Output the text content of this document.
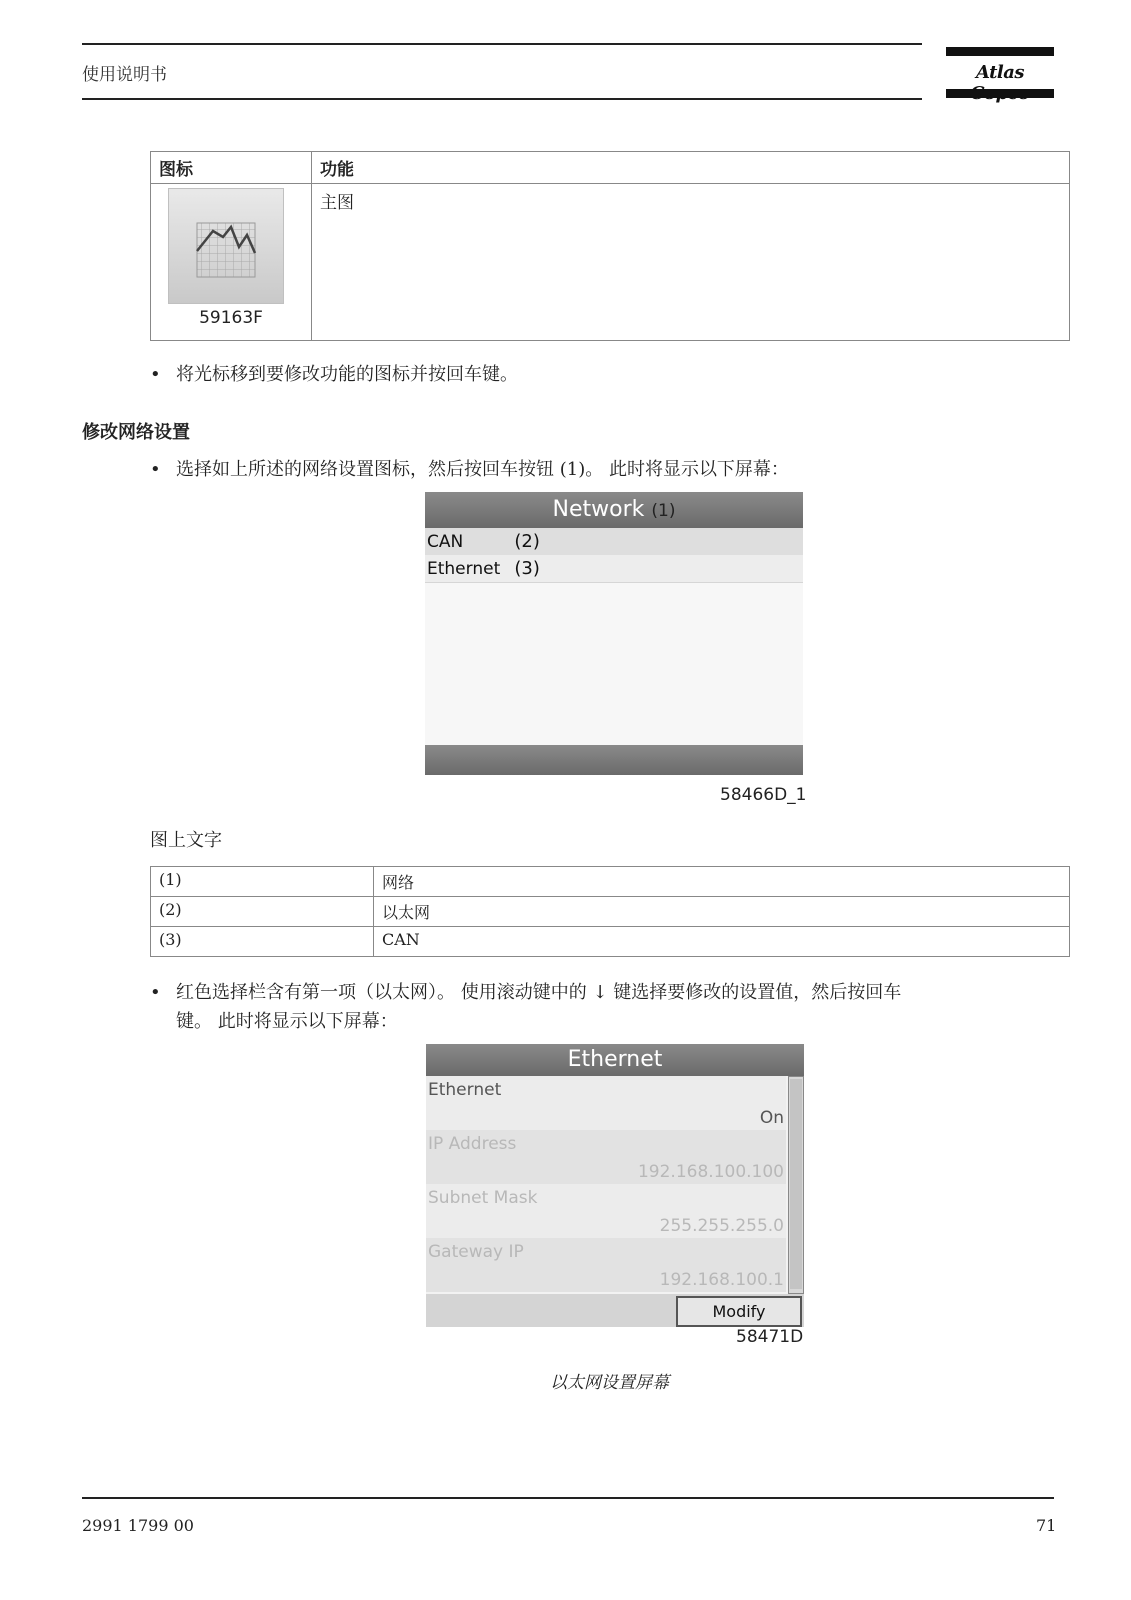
使用说明书	Atlas
图标	功能

59163F	主图
• 将光标移到要修改功能的图标并按回车键。
修改网络设置
• 选择如上所述的网络设置图标，然后按回车按钮 (1)。 此时将显示以下屏幕：
Network (1)
CAN	(2)
Ethernet (3)
58466D_1
图上文字
(1)	网络
(2)	以太网
(3)	CAN
• 红色选择栏含有第一项（以太网）。 使用滚动键中的 ↓ 键选择要修改的设置值，然后按回车
键。 此时将显示以下屏幕：
Ethernet
Ethernet
On
IP Address
192.168.100.100
Subnet Mask
255.255.255.0
Gateway IP
192.168.100.1
Modify
58471D
以太网设置屏幕
2991 1799 00	71
